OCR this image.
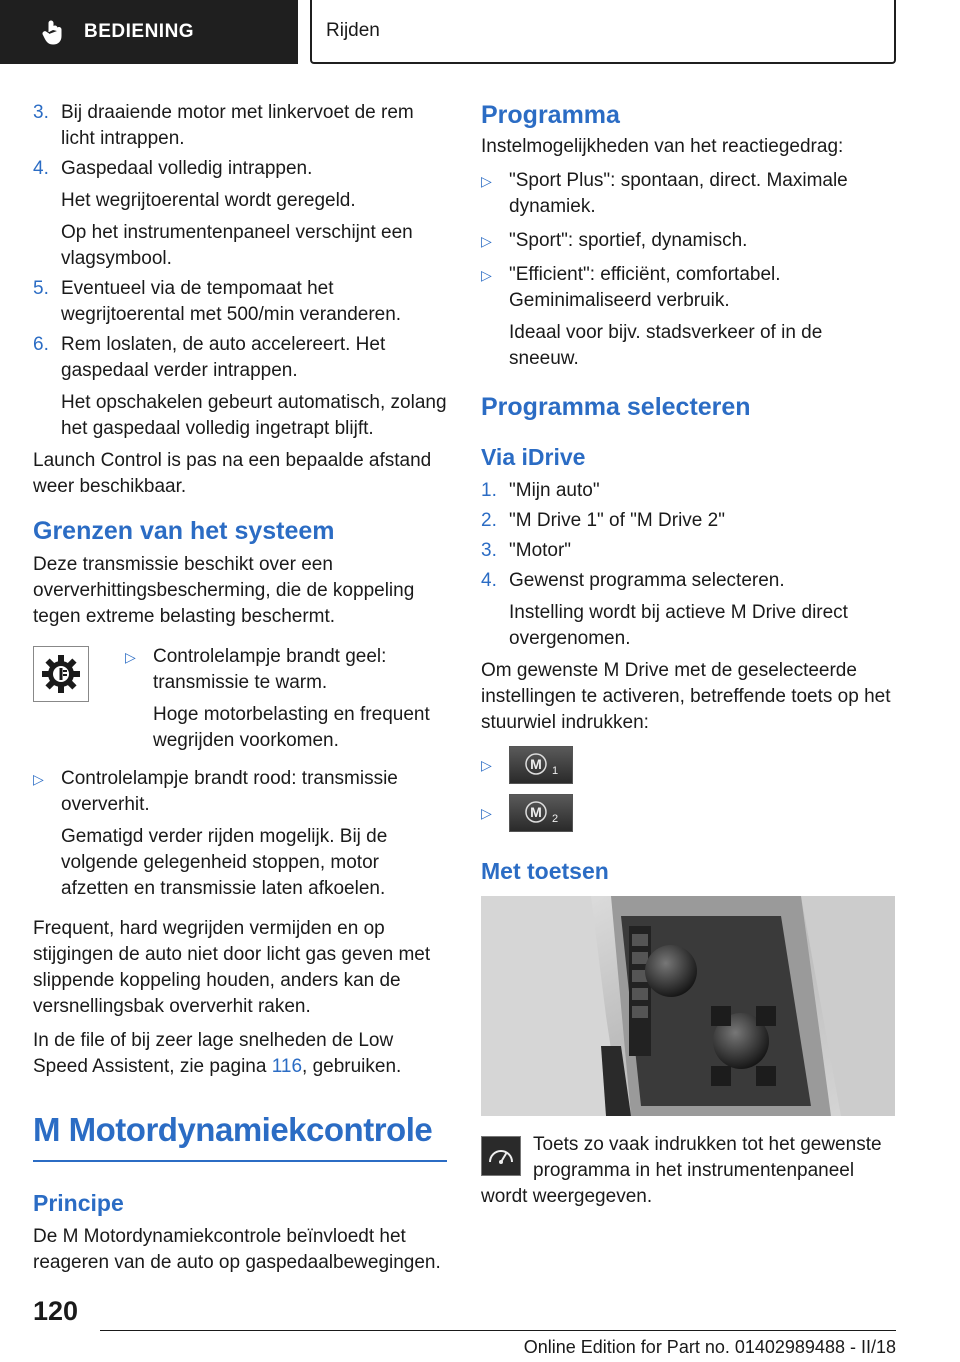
BEDIENING	Rijden
3. Bij draaiende motor met linkervoet de rem licht intrappen.
4. Gaspedaal volledig intrappen.
Het wegrijtoerental wordt geregeld.
Op het instrumentenpaneel verschijnt een vlagsymbool.
5. Eventueel via de tempomaat het wegrijtoerental met 500/min veranderen.
6. Rem loslaten, de auto accelereert. Het gaspedaal verder intrappen.
Het opschakelen gebeurt automatisch, zolang het gaspedaal volledig ingetrapt blijft.
Launch Control is pas na een bepaalde afstand weer beschikbaar.
Grenzen van het systeem
Deze transmissie beschikt over een oververhittingsbescherming, die de koppeling tegen extreme belasting beschermt.
▷ Controlelampje brandt geel: transmissie te warm.
Hoge motorbelasting en frequent wegrijden voorkomen.
▷ Controlelampje brandt rood: transmissie oververhit.
Gematigd verder rijden mogelijk. Bij de volgende gelegenheid stoppen, motor afzetten en transmissie laten afkoelen.
Frequent, hard wegrijden vermijden en op stijgingen de auto niet door licht gas geven met slippende koppeling houden, anders kan de versnellingsbak oververhit raken.
In de file of bij zeer lage snelheden de Low Speed Assistent, zie pagina 116, gebruiken.
M Motordynamiekcontrole
Principe
De M Motordynamiekcontrole beïnvloedt het reageren van de auto op gaspedaalbewegingen.
Programma
Instelmogelijkheden van het reactiegedrag:
▷ "Sport Plus": spontaan, direct. Maximale dynamiek.
▷ "Sport": sportief, dynamisch.
▷ "Efficient": efficiënt, comfortabel. Geminimaliseerd verbruik.
Ideaal voor bijv. stadsverkeer of in de sneeuw.
Programma selecteren
Via iDrive
1. "Mijn auto"
2. "M Drive 1" of "M Drive 2"
3. "Motor"
4. Gewenst programma selecteren.
Instelling wordt bij actieve M Drive direct overgenomen.
Om gewenste M Drive met de geselecteerde instellingen te activeren, betreffende toets op het stuurwiel indrukken:
▷	M 1
▷	M 2
Met toetsen
Toets zo vaak indrukken tot het gewenste programma in het instrumentenpaneel wordt weergegeven.
120
Online Edition for Part no. 01402989488 - II/18
